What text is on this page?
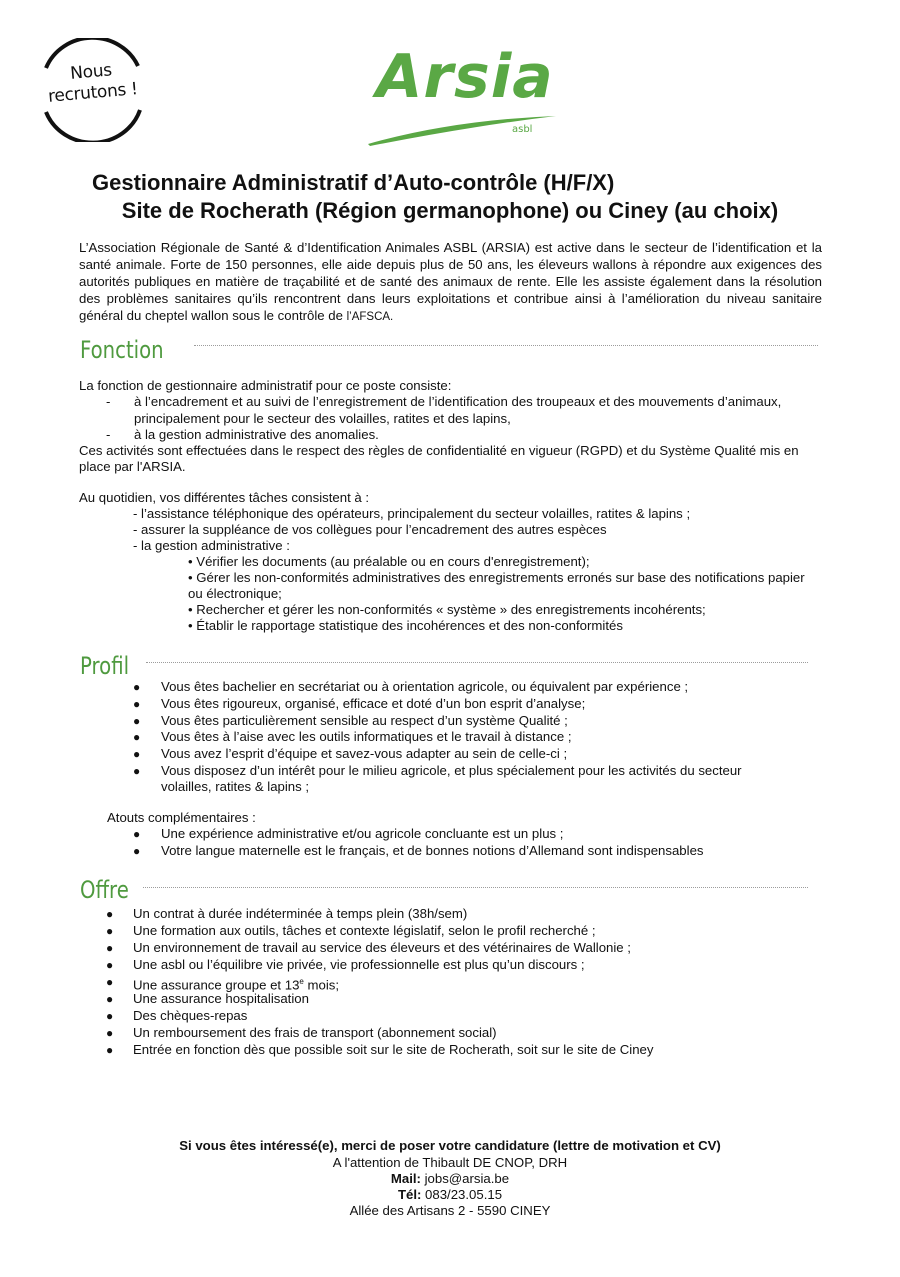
Nous
recrutons !	Arsia
asbl
Gestionnaire Administratif d’Auto-contrôle (H/F/X)
Site de Rocherath (Région germanophone) ou Ciney (au choix)
L’Association Régionale de Santé & d’Identification Animales ASBL (ARSIA) est active dans le secteur de l’identification et la santé animale. Forte de 150 personnes, elle aide depuis plus de 50 ans, les éleveurs wallons à répondre aux exigences des autorités publiques en matière de traçabilité et de santé des animaux de rente. Elle les assiste également dans la résolution des problèmes sanitaires qu’ils rencontrent dans leurs exploitations et contribue ainsi à l’amélioration du niveau sanitaire général du cheptel wallon sous le contrôle de l’AFSCA.
Fonction
La fonction de gestionnaire administratif pour ce poste consiste:
- à l’encadrement et au suivi de l’enregistrement de l’identification des troupeaux et des mouvements d’animaux,
principalement pour le secteur des volailles, ratites et des lapins,
- à la gestion administrative des anomalies.
Ces activités sont effectuées dans le respect des règles de confidentialité en vigueur (RGPD) et du Système Qualité mis en
place par l'ARSIA.
Au quotidien, vos différentes tâches consistent à :
- l’assistance téléphonique des opérateurs, principalement du secteur volailles, ratites & lapins ;
- assurer la suppléance de vos collègues pour l’encadrement des autres espèces
- la gestion administrative :
• Vérifier les documents (au préalable ou en cours d'enregistrement);
• Gérer les non-conformités administratives des enregistrements erronés sur base des notifications papier
ou électronique;
• Rechercher et gérer les non-conformités « système » des enregistrements incohérents;
• Établir le rapportage statistique des incohérences et des non-conformités
Profil
● Vous êtes bachelier en secrétariat ou à orientation agricole, ou équivalent par expérience ;
● Vous êtes rigoureux, organisé, efficace et doté d’un bon esprit d’analyse;
● Vous êtes particulièrement sensible au respect d’un système Qualité ;
● Vous êtes à l’aise avec les outils informatiques et le travail à distance ;
● Vous avez l’esprit d’équipe et savez-vous adapter au sein de celle-ci ;
● Vous disposez d’un intérêt pour le milieu agricole, et plus spécialement pour les activités du secteur
volailles, ratites & lapins ;
Atouts complémentaires :
● Une expérience administrative et/ou agricole concluante est un plus ;
● Votre langue maternelle est le français, et de bonnes notions d’Allemand sont indispensables
Offre
● Un contrat à durée indéterminée à temps plein (38h/sem)
● Une formation aux outils, tâches et contexte législatif, selon le profil recherché ;
● Un environnement de travail au service des éleveurs et des vétérinaires de Wallonie ;
● Une asbl ou l’équilibre vie privée, vie professionnelle est plus qu’un discours ;
● Une assurance groupe et 13e mois;
● Une assurance hospitalisation
● Des chèques-repas
● Un remboursement des frais de transport (abonnement social)
● Entrée en fonction dès que possible soit sur le site de Rocherath, soit sur le site de Ciney
Si vous êtes intéressé(e), merci de poser votre candidature (lettre de motivation et CV)
A l'attention de Thibault DE CNOP, DRH
Mail: jobs@arsia.be
Tél: 083/23.05.15
Allée des Artisans 2 - 5590 CINEY
